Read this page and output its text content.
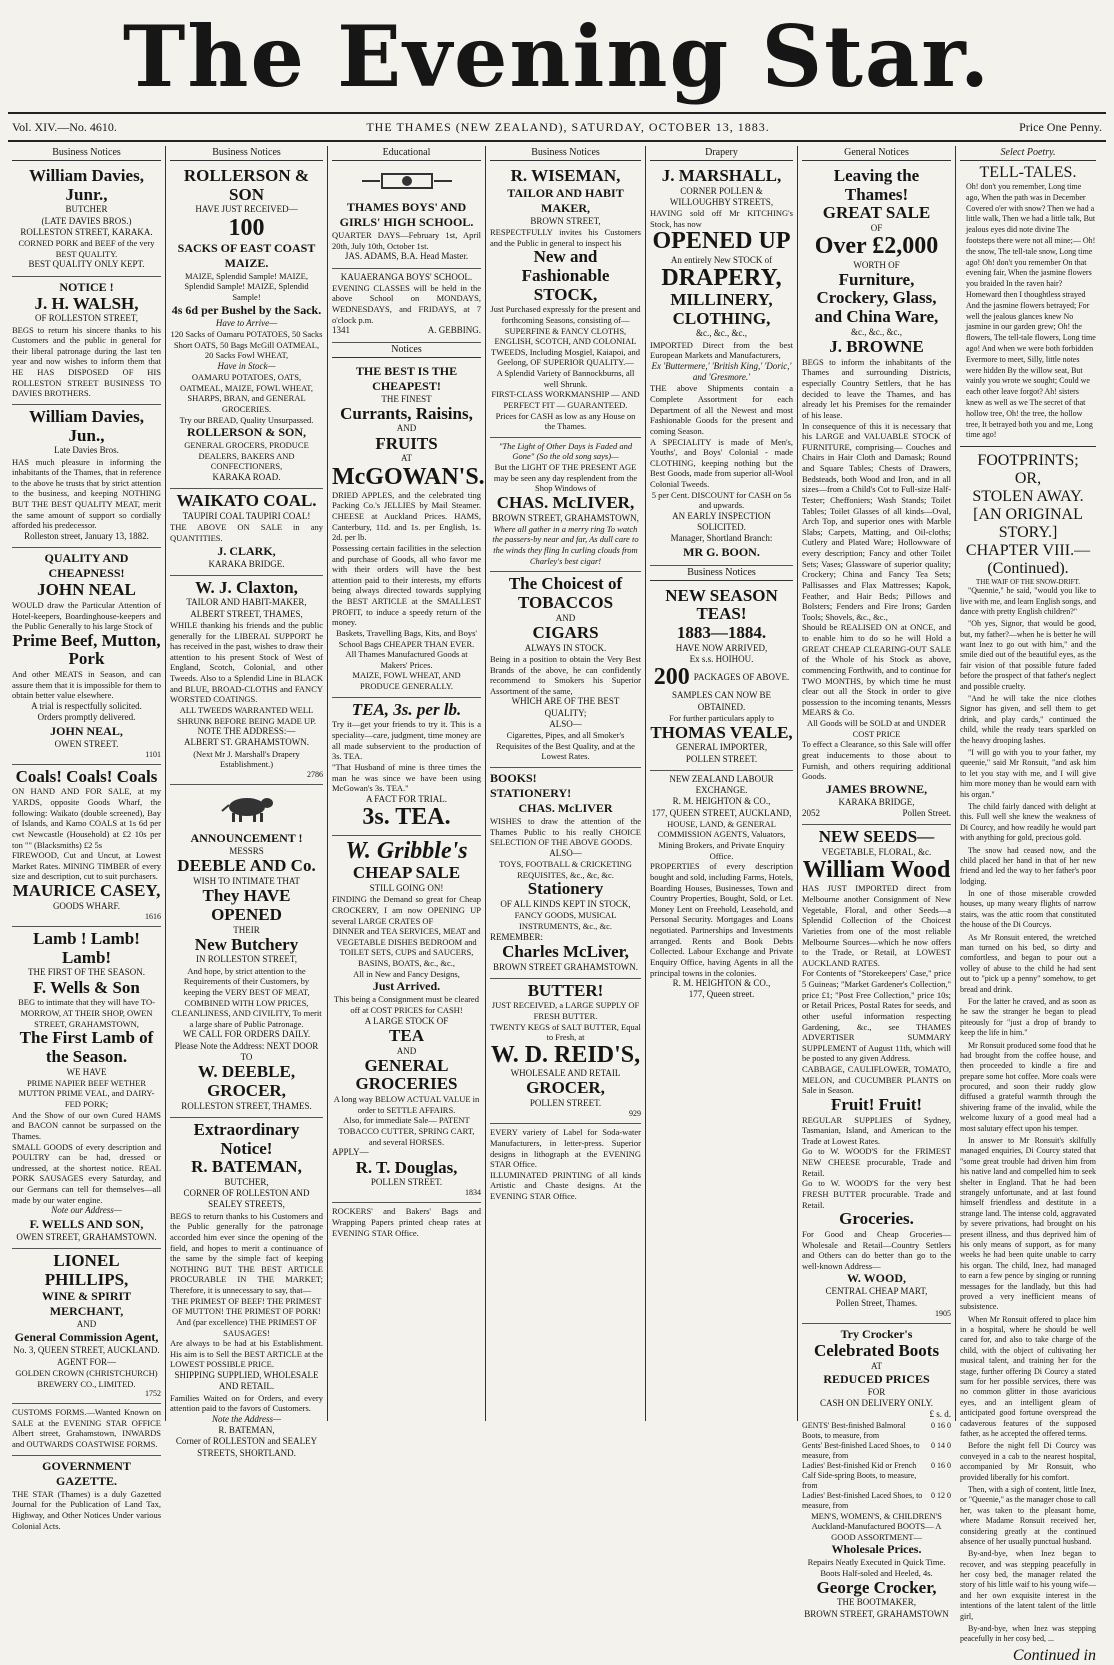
The Evening Star.
Vol. XIV.—No. 4610.	THE THAMES (NEW ZEALAND), SATURDAY, OCTOBER 13, 1883.	Price One Penny.
Business Notices
William Davies, Junr.,
BUTCHER
(LATE DAVIES BROS.)
ROLLESTON STREET, KARAKA.
CORNED PORK and BEEF of the very BEST QUALITY.
BEST QUALITY ONLY KEPT.
NOTICE !
J. H. WALSH,
OF ROLLESTON STREET,
BEGS to return his sincere thanks to his Customers and the public in general for their liberal patronage during the last ten year and now wishes to inform them that HE HAS DISPOSED OF HIS ROLLESTON STREET BUSINESS TO DAVIES BROTHERS.
William Davies, Jun.,
Late Davies Bros.
HAS much pleasure in informing the inhabitants of the Thames, that in reference to the above he trusts that by strict attention to the business, and keeping NOTHING BUT THE BEST QUALITY MEAT, merit the same amount of support so cordially afforded his predecessor.
Rolleston street, January 13, 1882.
QUALITY AND CHEAPNESS!
JOHN NEAL
WOULD draw the Particular Attention of Hotel-keepers, Boardinghouse-keepers and the Public Generally to his large Stock of
Prime Beef, Mutton, Pork
And other MEATS in Season, and can assure them that it is impossible for them to obtain better value elsewhere.
A trial is respectfully solicited.
Orders promptly delivered.
JOHN NEAL,
OWEN STREET.
1101
Coals! Coals! Coals
ON HAND AND FOR SALE, at my YARDS, opposite Goods Wharf, the following: Waikato (double screened), Bay of Islands, and Kamo COALS at 1s 6d per cwt Newcastle (Household) at £2 10s per ton "" (Blacksmiths) £2 5s
FIREWOOD, Cut and Uncut, at Lowest Market Rates. MINING TIMBER of every size and description, cut to suit purchasers.
MAURICE CASEY,
GOODS WHARF.
1616
Lamb ! Lamb! Lamb!
THE FIRST OF THE SEASON.
F. Wells & Son
BEG to intimate that they will have TO-MORROW, AT THEIR SHOP, OWEN STREET, GRAHAMSTOWN,
The First Lamb of the Season.
WE HAVE
PRIME NAPIER BEEF WETHER MUTTON PRIME VEAL, and DAIRY-FED PORK;
And the Show of our own Cured HAMS and BACON cannot be surpassed on the Thames.
SMALL GOODS of every description and POULTRY can be had, dressed or undressed, at the shortest notice. REAL PORK SAUSAGES every Saturday, and our Germans can tell for themselves—all made by our water engine.
Note our Address—
F. WELLS AND SON,
OWEN STREET, GRAHAMSTOWN.
LIONEL PHILLIPS,
WINE & SPIRIT MERCHANT,
AND
General Commission Agent,
No. 3, QUEEN STREET, AUCKLAND.
AGENT FOR—
GOLDEN CROWN (CHRISTCHURCH) BREWERY CO., LIMITED.
1752
CUSTOMS FORMS.—Wanted Known on SALE at the EVENING STAR OFFICE Albert street, Grahamstown, INWARDS and OUTWARDS COASTWISE FORMS.
GOVERNMENT GAZETTE.
THE STAR (Thames) is a duly Gazetted Journal for the Publication of Land Tax, Highway, and Other Notices Under various Colonial Acts.
Business Notices
ROLLERSON & SON
HAVE JUST RECEIVED—
100
SACKS OF EAST COAST MAIZE.
MAIZE, Splendid Sample! MAIZE, Splendid Sample! MAIZE, Splendid Sample!
4s 6d per Bushel by the Sack.
Have to Arrive—
120 Sacks of Oamaru POTATOES, 50 Sacks Short OATS, 50 Bags McGill OATMEAL, 20 Sacks Fowl WHEAT,
Have in Stock—
OAMARU POTATOES, OATS, OATMEAL, MAIZE, FOWL WHEAT, SHARPS, BRAN, and GENERAL GROCERIES.
Try our BREAD, Quality Unsurpassed.
ROLLERSON & SON,
GENERAL GROCERS, PRODUCE DEALERS, BAKERS AND CONFECTIONERS,
KARAKA ROAD.
WAIKATO COAL.
TAUPIRI COAL TAUPIRI COAL!
THE ABOVE ON SALE in any QUANTITIES.
J. CLARK,
KARAKA BRIDGE.
W. J. Claxton,
TAILOR AND HABIT-MAKER,
ALBERT STREET, THAMES,
WHILE thanking his friends and the public generally for the LIBERAL SUPPORT he has received in the past, wishes to draw their attention to his present Stock of West of England, Scotch, Colonial, and other Tweeds. Also to a Splendid Line in BLACK and BLUE, BROAD-CLOTHS and FANCY WORSTED COATINGS.
ALL TWEEDS WARRANTED WELL SHRUNK BEFORE BEING MADE UP.
NOTE THE ADDRESS:—
ALBERT ST. GRAHAMSTOWN.
(Next Mr J. Marshall's Drapery Establishment.)
2786
ANNOUNCEMENT !
MESSRS
DEEBLE AND Co.
WISH TO INTIMATE THAT
They HAVE OPENED
THEIR
New Butchery
IN ROLLESTON STREET,
And hope, by strict attention to the Requirements of their Customers, by keeping the VERY BEST OF MEAT, COMBINED WITH LOW PRICES, CLEANLINESS, AND CIVILITY, To merit a large share of Public Patronage.
WE CALL FOR ORDERS DAILY.
Please Note the Address: NEXT DOOR TO
W. DEEBLE, GROCER,
ROLLESTON STREET, THAMES.
Extraordinary Notice!
R. BATEMAN,
BUTCHER,
CORNER OF ROLLESTON AND SEALEY STREETS,
BEGS to return thanks to his Customers and the Public generally for the patronage accorded him ever since the opening of the field, and hopes to merit a continuance of the same by the simple fact of keeping NOTHING BUT THE BEST ARTICLE PROCURABLE IN THE MARKET; Therefore, it is unnecessary to say, that—
THE PRIMEST OF BEEF! THE PRIMEST OF MUTTON! THE PRIMEST OF PORK! And (par excellence) THE PRIMEST OF SAUSAGES!
Are always to be had at his Establishment. His aim is to Sell the BEST ARTICLE at the LOWEST POSSIBLE PRICE.
SHIPPING SUPPLIED, WHOLESALE AND RETAIL.
Families Waited on for Orders, and every attention paid to the favors of Customers.
Note the Address—
R. BATEMAN,
Corner of ROLLESTON and SEALEY STREETS, SHORTLAND.
Educational
THAMES BOYS' AND GIRLS' HIGH SCHOOL.
QUARTER DAYS—February 1st, April 20th, July 10th, October 1st.
JAS. ADAMS, B.A. Head Master.
KAUAERANGA BOYS' SCHOOL.
EVENING CLASSES will be held in the above School on MONDAYS, WEDNESDAYS, and FRIDAYS, at 7 o'clock p.m.
1341	A. GEBBING.
Notices
THE BEST IS THE CHEAPEST!
THE FINEST
Currants, Raisins,
AND
FRUITS
AT
McGOWAN'S.
DRIED APPLES, and the celebrated ting Packing Co.'s JELLIES by Mail Steamer. CHEESE at Auckland Prices. HAMS, Canterbury, 11d. and 1s. per English, 1s. 2d. per lb.
Possessing certain facilities in the selection and purchase of Goods, all who favor me with their orders will have the best attention paid to their interests, my efforts being always directed towards supplying the BEST ARTICLE at the SMALLEST PROFIT, to induce a speedy return of the money.
Baskets, Travelling Bags, Kits, and Boys' School Bags CHEAPER THAN EVER.
All Thames Manufactured Goods at Makers' Prices.
MAIZE, FOWL WHEAT, AND PRODUCE GENERALLY.
TEA, 3s. per lb.
Try it—get your friends to try it. This is a speciality—care, judgment, time money are all made subservient to the production of 3s. TEA.
"That Husband of mine is three times the man he was since we have been using McGowan's 3s. TEA."
A FACT FOR TRIAL.
3s. TEA.
W. Gribble's
CHEAP SALE
STILL GOING ON!
FINDING the Demand so great for Cheap CROCKERY, I am now OPENING UP several LARGE CRATES OF
DINNER and TEA SERVICES, MEAT and VEGETABLE DISHES BEDROOM and TOILET SETS, CUPS and SAUCERS, BASINS, BOATS, &c., &c.,
All in New and Fancy Designs,
Just Arrived.
This being a Consignment must be cleared off at COST PRICES for CASH!
A LARGE STOCK OF
TEA
AND
GENERAL GROCERIES
A long way BELOW ACTUAL VALUE in order to SETTLE AFFAIRS.
Also, for immediate Sale— PATENT TOBACCO CUTTER, SPRING CART, and several HORSES.
APPLY—
R. T. Douglas,
POLLEN STREET.
1834
ROCKERS' and Bakers' Bags and Wrapping Papers printed cheap rates at EVENING STAR Office.
Business Notices
R. WISEMAN,
TAILOR AND HABIT MAKER,
BROWN STREET,
RESPECTFULLY invites his Customers and the Public in general to inspect his
New and Fashionable STOCK,
Just Purchased expressly for the present and forthcoming Seasons, consisting of— SUPERFINE & FANCY CLOTHS, ENGLISH, SCOTCH, AND COLONIAL TWEEDS, Including Mosgiel, Kaiapoi, and Geelong, OF SUPERIOR QUALITY.—
A Splendid Variety of Bannockburns, all well Shrunk.
FIRST-CLASS WORKMANSHIP — AND PERFECT FIT — GUARANTEED.
Prices for CASH as low as any House on the Thames.
"The Light of Other Days is Faded and Gone" (So the old song says)—
But the LIGHT OF THE PRESENT AGE may be seen any day resplendent from the Shop Windows of
CHAS. McLIVER,
BROWN STREET, GRAHAMSTOWN,
Where all gather in a merry ring To watch the passers-by near and far, As dull care to the winds they fling In curling clouds from Charley's best cigar!
The Choicest of
TOBACCOS
AND
CIGARS
ALWAYS IN STOCK.
Being in a position to obtain the Very Best Brands of the above, he can confidently recommend to Smokers his Superior Assortment of the same,
WHICH ARE OF THE BEST QUALITY;
ALSO—
Cigarettes, Pipes, and all Smoker's Requisites of the Best Quality, and at the Lowest Rates.
BOOKS!
STATIONERY!
CHAS. McLIVER
WISHES to draw the attention of the Thames Public to his really CHOICE SELECTION OF THE ABOVE GOODS.
ALSO—
TOYS, FOOTBALL & CRICKETING REQUISITES, &c., &c, &c.
Stationery
OF ALL KINDS KEPT IN STOCK,
FANCY GOODS, MUSICAL INSTRUMENTS, &c., &c.
REMEMBER:
Charles McLiver,
BROWN STREET GRAHAMSTOWN.
BUTTER!
JUST RECEIVED, a LARGE SUPPLY OF FRESH BUTTER.
TWENTY KEGS of SALT BUTTER, Equal to Fresh, at
W. D. REID'S,
WHOLESALE AND RETAIL
GROCER,
POLLEN STREET.
929
EVERY variety of Label for Soda-water Manufacturers, in letter-press. Superior designs in lithograph at the EVENING STAR Office.
ILLUMINATED PRINTING of all kinds Artistic and Chaste designs. At the EVENING STAR Office.
Drapery
J. MARSHALL,
CORNER POLLEN & WILLOUGHBY STREETS,
HAVING sold off Mr KITCHING's Stock, has now
OPENED UP
An entirely New STOCK of
DRAPERY,
MILLINERY,
CLOTHING,
&c., &c., &c.,
IMPORTED Direct from the best European Markets and Manufacturers,
Ex 'Buttermere,' 'British King,' 'Doric,' and 'Gresmore.'
THE above Shipments contain a Complete Assortment for each Department of all the Newest and most Fashionable Goods for the present and coming Season.
A SPECIALITY is made of Men's, Youths', and Boys' Colonial - made CLOTHING, keeping nothing but the Best Goods, made from superior all-Wool Colonial Tweeds.
5 per Cent. DISCOUNT for CASH on 5s and upwards.
AN EARLY INSPECTION SOLICITED.
Manager, Shortland Branch:
MR G. BOON.
Business Notices
NEW SEASON TEAS!
1883—1884.
HAVE NOW ARRIVED,
Ex s.s. HOIHOU.
200 PACKAGES OF ABOVE.
SAMPLES CAN NOW BE OBTAINED.
For further particulars apply to
THOMAS VEALE,
GENERAL IMPORTER,
POLLEN STREET.
NEW ZEALAND LABOUR EXCHANGE.
R. M. HEIGHTON & CO.,
177, QUEEN STREET, AUCKLAND,
HOUSE, LAND, & GENERAL COMMISSION AGENTS, Valuators, Mining Brokers, and Private Enquiry Office.
PROPERTIES of every description bought and sold, including Farms, Hotels, Boarding Houses, Businesses, Town and Country Properties, Bought, Sold, or Let. Money Lent on Freehold, Leasehold, and Personal Security. Mortgages and Loans negotiated. Partnerships and Investments arranged. Rents and Book Debts Collected. Labour Exchange and Private Enquiry Office, having Agents in all the principal towns in the colonies.
R. M. HEIGHTON & CO.,
177, Queen street.
General Notices
Leaving the Thames!
GREAT SALE
OF
Over £2,000
WORTH OF
Furniture, Crockery, Glass, and China Ware,
&c., &c., &c.,
J. BROWNE
BEGS to inform the inhabitants of the Thames and surrounding Districts, especially Country Settlers, that he has decided to leave the Thames, and has already let his Premises for the remainder of his lease.
In consequence of this it is necessary that his LARGE and VALUABLE STOCK of FURNITURE, comprising— Couches and Chairs in Hair Cloth and Damask; Round and Square Tables; Chests of Drawers, Bedsteads, both Wood and Iron, and in all sizes—from a Child's Cot to Full-size Half-Tester; Cheffoniers; Wash Stands; Toilet Tables; Toilet Glasses of all kinds—Oval, Arch Top, and superior ones with Marble Slabs; Carpets, Matting, and Oil-cloths; Cutlery and Plated Ware; Hollowware of every description; Fancy and other Toilet Sets; Vases; Glassware of superior quality; Crockery; China and Fancy Tea Sets; Pallisasses and Flax Mattresses; Kapok, Feather, and Hair Beds; Pillows and Bolsters; Fenders and Fire Irons; Garden Tools; Shovels, &c., &c.,
Should be REALISED ON at ONCE, and to enable him to do so he will Hold a GREAT CHEAP CLEARING-OUT SALE of the Whole of his Stock as above, commencing Forthwith, and to continue for TWO MONTHS, by which time he must clear out all the Stock in order to give possession to the incoming tenants, Messrs MEARS & Co.
All Goods will be SOLD at and UNDER COST PRICE
To effect a Clearance, so this Sale will offer great inducements to those about to Furnish, and others requiring additional Goods.
JAMES BROWNE,
KARAKA BRIDGE,
2052	Pollen Street.
NEW SEEDS—
VEGETABLE, FLORAL, &c.
William Wood
HAS JUST IMPORTED direct from Melbourne another Consignment of New Vegetable, Floral, and other Seeds—a Splendid Collection of the Choicest Varieties from one of the most reliable Melbourne Sources—which he now offers to the Trade, or Retail, at LOWEST AUCKLAND RATES.
For Contents of "Storekeepers' Case," price 5 Guineas; "Market Gardener's Collection," price £1; "Post Free Collection," price 10s; or Retail Prices, Postal Rates for seeds, and other useful information respecting Gardening, &c., see THAMES ADVERTISER SUMMARY SUPPLEMENT of August 11th, which will be posted to any given Address.
CABBAGE, CAULIFLOWER, TOMATO, MELON, and CUCUMBER PLANTS on Sale in Season.
Fruit! Fruit!
REGULAR SUPPLIES of Sydney, Tasmanian, Island, and American to the Trade at Lowest Rates.
Go to W. WOOD'S for the FRIMEST NEW CHEESE procurable, Trade and Retail.
Go to W. WOOD'S for the very best FRESH BUTTER procurable. Trade and Retail.
Groceries.
For Good and Cheap Groceries—Wholesale and Retail—Country Settlers and Others can do better than go to the well-known Address—
W. WOOD,
CENTRAL CHEAP MART,
Pollen Street, Thames.
1905
Try Crocker's
Celebrated Boots
AT
REDUCED PRICES
FOR
CASH ON DELIVERY ONLY.
£ s. d.
GENTS' Best-finished Balmoral Boots, to measure, from
0 16 0
Gents' Best-finished Laced Shoes, to measure, from
0 14 0
Ladies' Best-finished Kid or French Calf Side-spring Boots, to measure, from
0 16 0
Ladies' Best-finished Laced Shoes, to measure, from
0 12 0
MEN'S, WOMEN'S, & CHILDREN'S Auckland-Manufactured BOOTS— A GOOD ASSORTMENT—
Wholesale Prices.
Repairs Neatly Executed in Quick Time. Boots Half-soled and Heeled, 4s.
George Crocker,
THE BOOTMAKER,
BROWN STREET, GRAHAMSTOWN
Select Poetry.
TELL-TALES.
Oh! don't you remember, Long time ago, When the path was in December Covered o'er with snow? Then we had a little walk, Then we had a little talk, But jealous eyes did note divine The footsteps there were not all mine;— Oh! the snow, The tell-tale snow, Long time ago! Oh! don't you remember On that evening fair, When the jasmine flowers you braided In the raven hair? Homeward then I thoughtless strayed And the jasmine flowers betrayed; For well the jealous glances knew No jasmine in our garden grew; Oh! the flowers, The tell-tale flowers, Long time ago! And when we were both forbidden Evermore to meet, Silly, little notes were hidden By the willow seat, But vainly you wrote we sought; Could we each other leave forgot? Ah! sisters knew as well as we The secret of that hollow tree, Oh! the tree, the hollow tree, It betrayed both you and me, Long time ago!
FOOTPRINTS;
OR,
STOLEN AWAY.
[AN ORIGINAL STORY.]
CHAPTER VIII.—(Continued).
THE WAIF OF THE SNOW-DRIFT.

"Quennie," he said, "would you like to live with me, and learn English songs, and dance with pretty English children?"

"Oh yes, Signor, that would be good, but, my father?—when he is better he will want Inez to go out with him," and the smile died out of the beautiful eyes, as the fair vision of that possible future faded before the prospect of that father's neglect and possible cruelty.

"And he will take the nice clothes Signor has given, and sell them to get drink, and play cards," continued the child, while the ready tears sparkled on the heavy drooping lashes.

"I will go with you to your father, my queenie," said Mr Ronsuit, "and ask him to let you stay with me, and I will give him more money than he would earn with his organ."

The child fairly danced with delight at this. Full well she knew the weakness of Di Courcy, and how readily he would part with anything for gold, precious gold.

The snow had ceased now, and the child placed her hand in that of her new friend and led the way to her father's poor lodging.

In one of those miserable crowded houses, up many weary flights of narrow stairs, was the attic room that constituted the house of the Di Courcys.

As Mr Ronsuit entered, the wretched man turned on his bed, so dirty and comfortless, and began to pour out a volley of abuse to the child he had sent out to "pick up a penny" somehow, to get bread and drink.

For the latter he craved, and as soon as he saw the stranger he began to plead piteously for "just a drop of brandy to keep the life in him."

Mr Ronsuit produced some food that he had brought from the coffee house, and then proceeded to kindle a fire and prepare some hot coffee. More coals were procured, and soon their ruddy glow diffused a grateful warmth through the shivering frame of the invalid, while the welcome luxury of a good meal had a most salutary effect upon his temper.

In answer to Mr Ronsuit's skilfully managed enquiries, Di Courcy stated that "some great trouble had driven him from his native land and compelled him to seek shelter in England. That he had been strangely unfortunate, and at last found himself friendless and destitute in a strange land. The intense cold, aggravated by severe privations, had brought on his present illness, and thus deprived him of his only means of support, as for many weeks he had been quite unable to carry his organ. The child, Inez, had managed to earn a few pence by singing or running messages for the landlady, but this had proved a very inefficient means of subsistence.

When Mr Ronsuit offered to place him in a hospital, where he should be well cared for, and also to take charge of the child, with the object of cultivating her musical talent, and training her for the stage, further offering Di Courcy a stated sum for her possible services, there was no common glitter in those avaricious eyes, and an intelligent gleam of anticipated good fortune overspread the cadaverous features of the supposed father, as he accepted the offered terms.

Before the night fell Di Courcy was conveyed in a cab to the nearest hospital, accompanied by Mr Ronsuit, who provided liberally for his comfort.

Then, with a sigh of content, little Inez, or "Queenie," as the manager chose to call her, was taken to the pleasant home, where Madame Ronsuit received her, considering greatly at the continued absence of her usually punctual husband.

By-and-bye, when Inez began to recover, and was stepping peacefully in her cosy bed, the manager related the story of his little waif to his young wife—and her own exquisite interest in the intentions of the latent talent of the little girl,

By-and-bye, when Inez was stepping peacefully in her cosy bed, ...

Continued in
